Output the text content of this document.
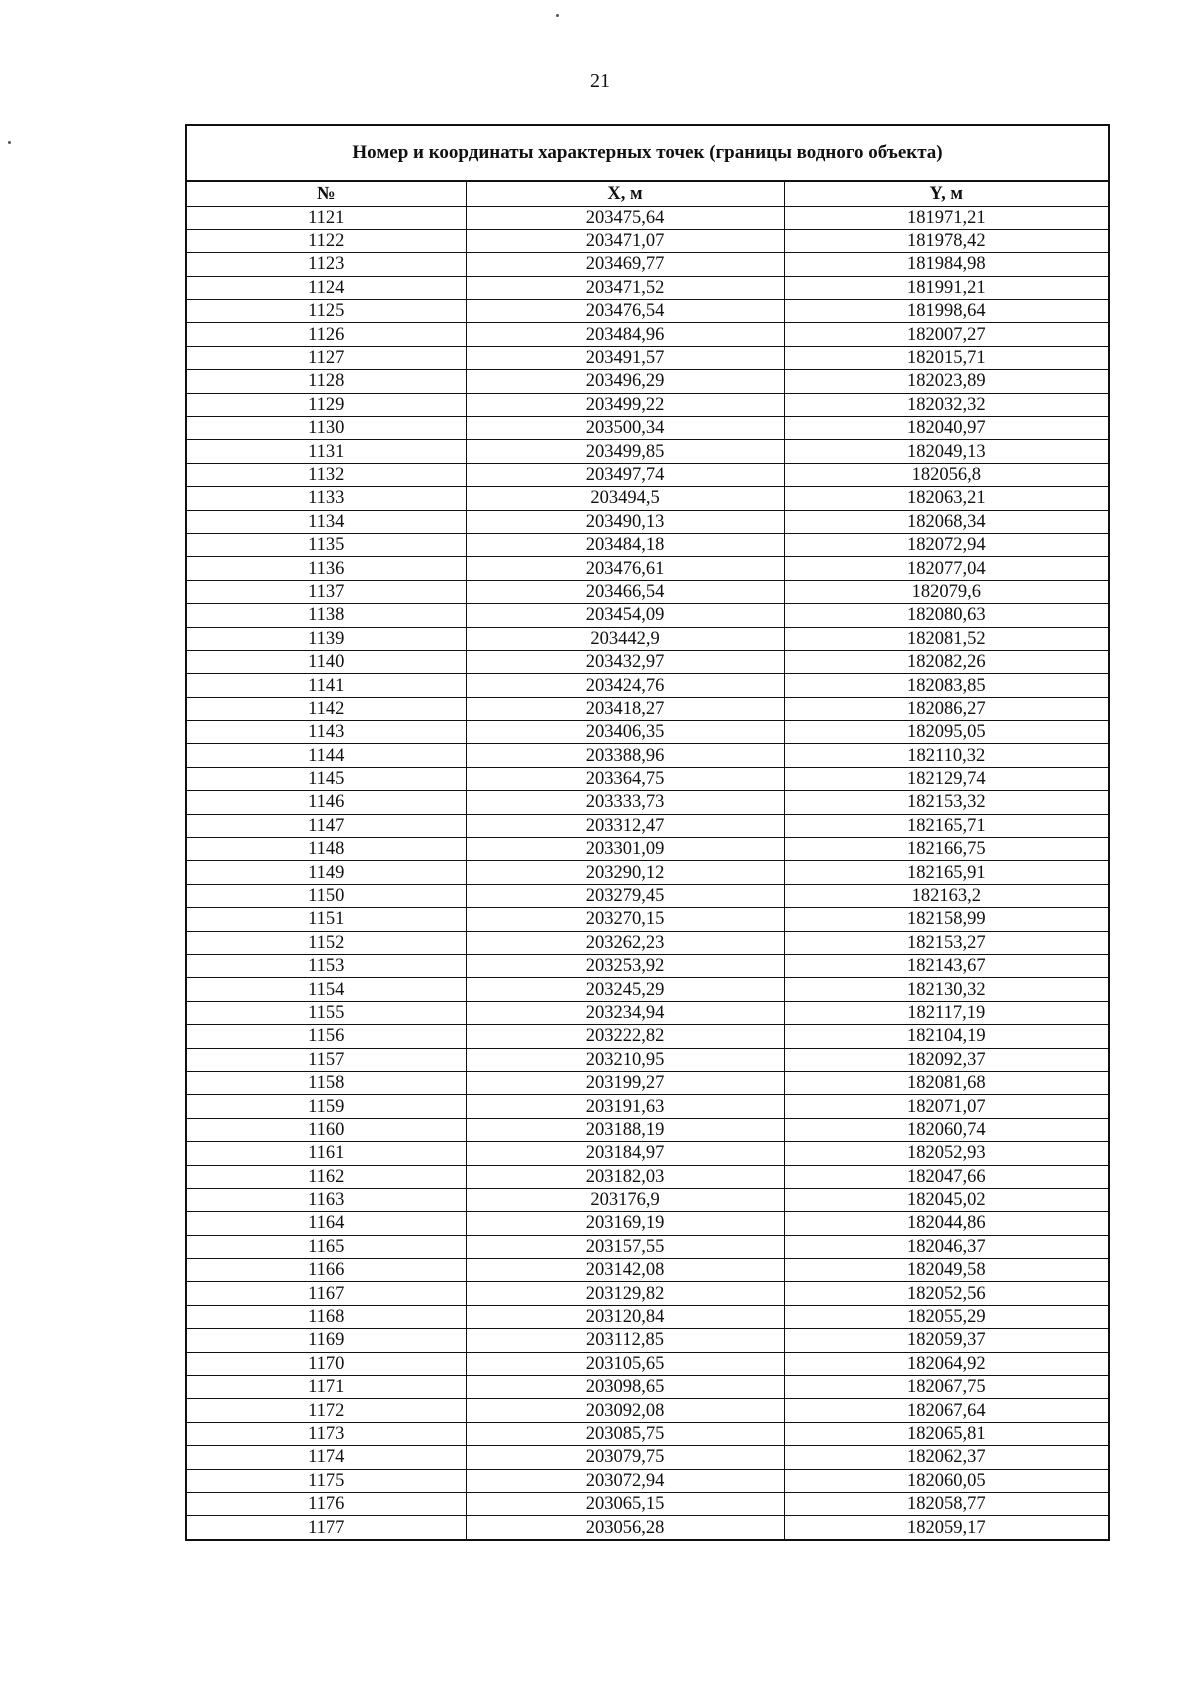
21
Номер и координаты характерных точек (границы водного объекта)
№	X, м	Y, м
1121	203475,64	181971,21
1122	203471,07	181978,42
1123	203469,77	181984,98
1124	203471,52	181991,21
1125	203476,54	181998,64
1126	203484,96	182007,27
1127	203491,57	182015,71
1128	203496,29	182023,89
1129	203499,22	182032,32
1130	203500,34	182040,97
1131	203499,85	182049,13
1132	203497,74	182056,8
1133	203494,5	182063,21
1134	203490,13	182068,34
1135	203484,18	182072,94
1136	203476,61	182077,04
1137	203466,54	182079,6
1138	203454,09	182080,63
1139	203442,9	182081,52
1140	203432,97	182082,26
1141	203424,76	182083,85
1142	203418,27	182086,27
1143	203406,35	182095,05
1144	203388,96	182110,32
1145	203364,75	182129,74
1146	203333,73	182153,32
1147	203312,47	182165,71
1148	203301,09	182166,75
1149	203290,12	182165,91
1150	203279,45	182163,2
1151	203270,15	182158,99
1152	203262,23	182153,27
1153	203253,92	182143,67
1154	203245,29	182130,32
1155	203234,94	182117,19
1156	203222,82	182104,19
1157	203210,95	182092,37
1158	203199,27	182081,68
1159	203191,63	182071,07
1160	203188,19	182060,74
1161	203184,97	182052,93
1162	203182,03	182047,66
1163	203176,9	182045,02
1164	203169,19	182044,86
1165	203157,55	182046,37
1166	203142,08	182049,58
1167	203129,82	182052,56
1168	203120,84	182055,29
1169	203112,85	182059,37
1170	203105,65	182064,92
1171	203098,65	182067,75
1172	203092,08	182067,64
1173	203085,75	182065,81
1174	203079,75	182062,37
1175	203072,94	182060,05
1176	203065,15	182058,77
1177	203056,28	182059,17
